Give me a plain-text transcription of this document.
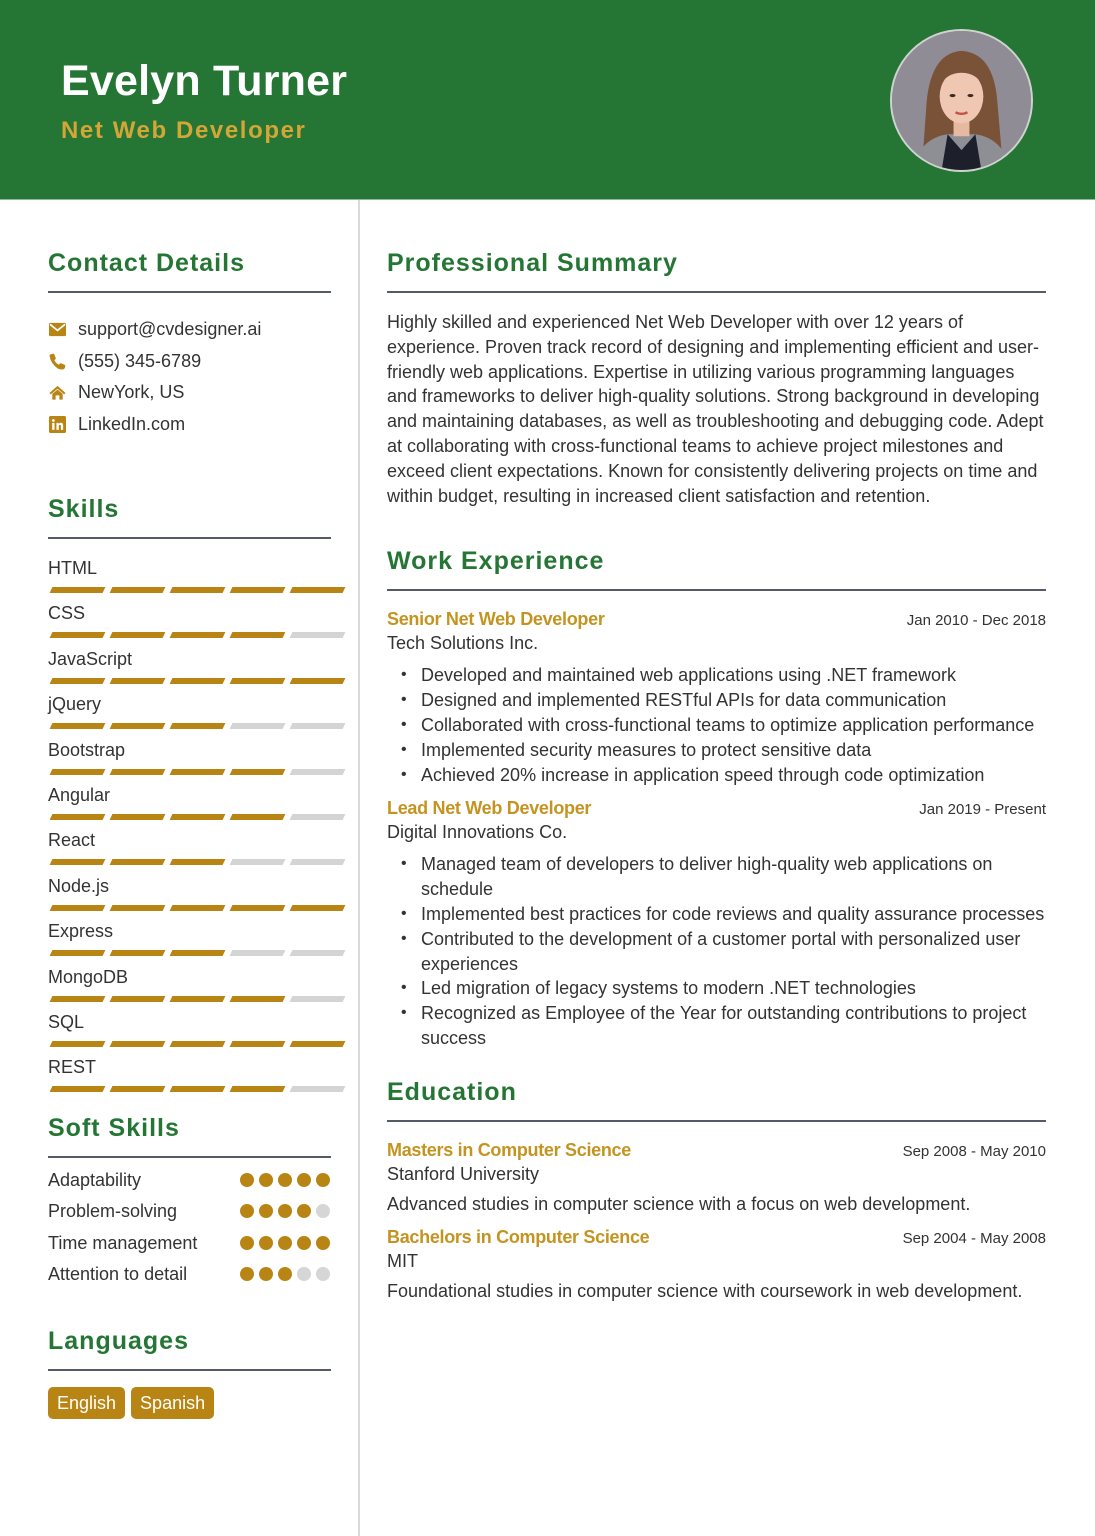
Evelyn Turner
Net Web Developer
Contact Details
support@cvdesigner.ai
(555) 345-6789
NewYork, US
LinkedIn.com
Skills
HTML
CSS
JavaScript
jQuery
Bootstrap
Angular
React
Node.js
Express
MongoDB
SQL
REST
Soft Skills
Adaptability
Problem-solving
Time management
Attention to detail
Languages
English	Spanish
Professional Summary

Highly skilled and experienced Net Web Developer with over 12 years of experience. Proven track record of designing and implementing efficient and user-friendly web applications. Expertise in utilizing various programming languages and frameworks to deliver high-quality solutions. Strong background in developing and maintaining databases, as well as troubleshooting and debugging code. Adept at collaborating with cross-functional teams to achieve project milestones and exceed client expectations. Known for consistently delivering projects on time and within budget, resulting in increased client satisfaction and retention.

Work Experience
Senior Net Web Developer	Jan 2010 - Dec 2018
Tech Solutions Inc.
• Developed and maintained web applications using .NET framework
• Designed and implemented RESTful APIs for data communication
• Collaborated with cross-functional teams to optimize application performance
• Implemented security measures to protect sensitive data
• Achieved 20% increase in application speed through code optimization
Lead Net Web Developer	Jan 2019 - Present
Digital Innovations Co.
• Managed team of developers to deliver high-quality web applications on schedule
• Implemented best practices for code reviews and quality assurance processes
• Contributed to the development of a customer portal with personalized user experiences
• Led migration of legacy systems to modern .NET technologies
• Recognized as Employee of the Year for outstanding contributions to project success
Education
Masters in Computer Science	Sep 2008 - May 2010
Stanford University

Advanced studies in computer science with a focus on web development.

Bachelors in Computer Science	Sep 2004 - May 2008
MIT

Foundational studies in computer science with coursework in web development.
